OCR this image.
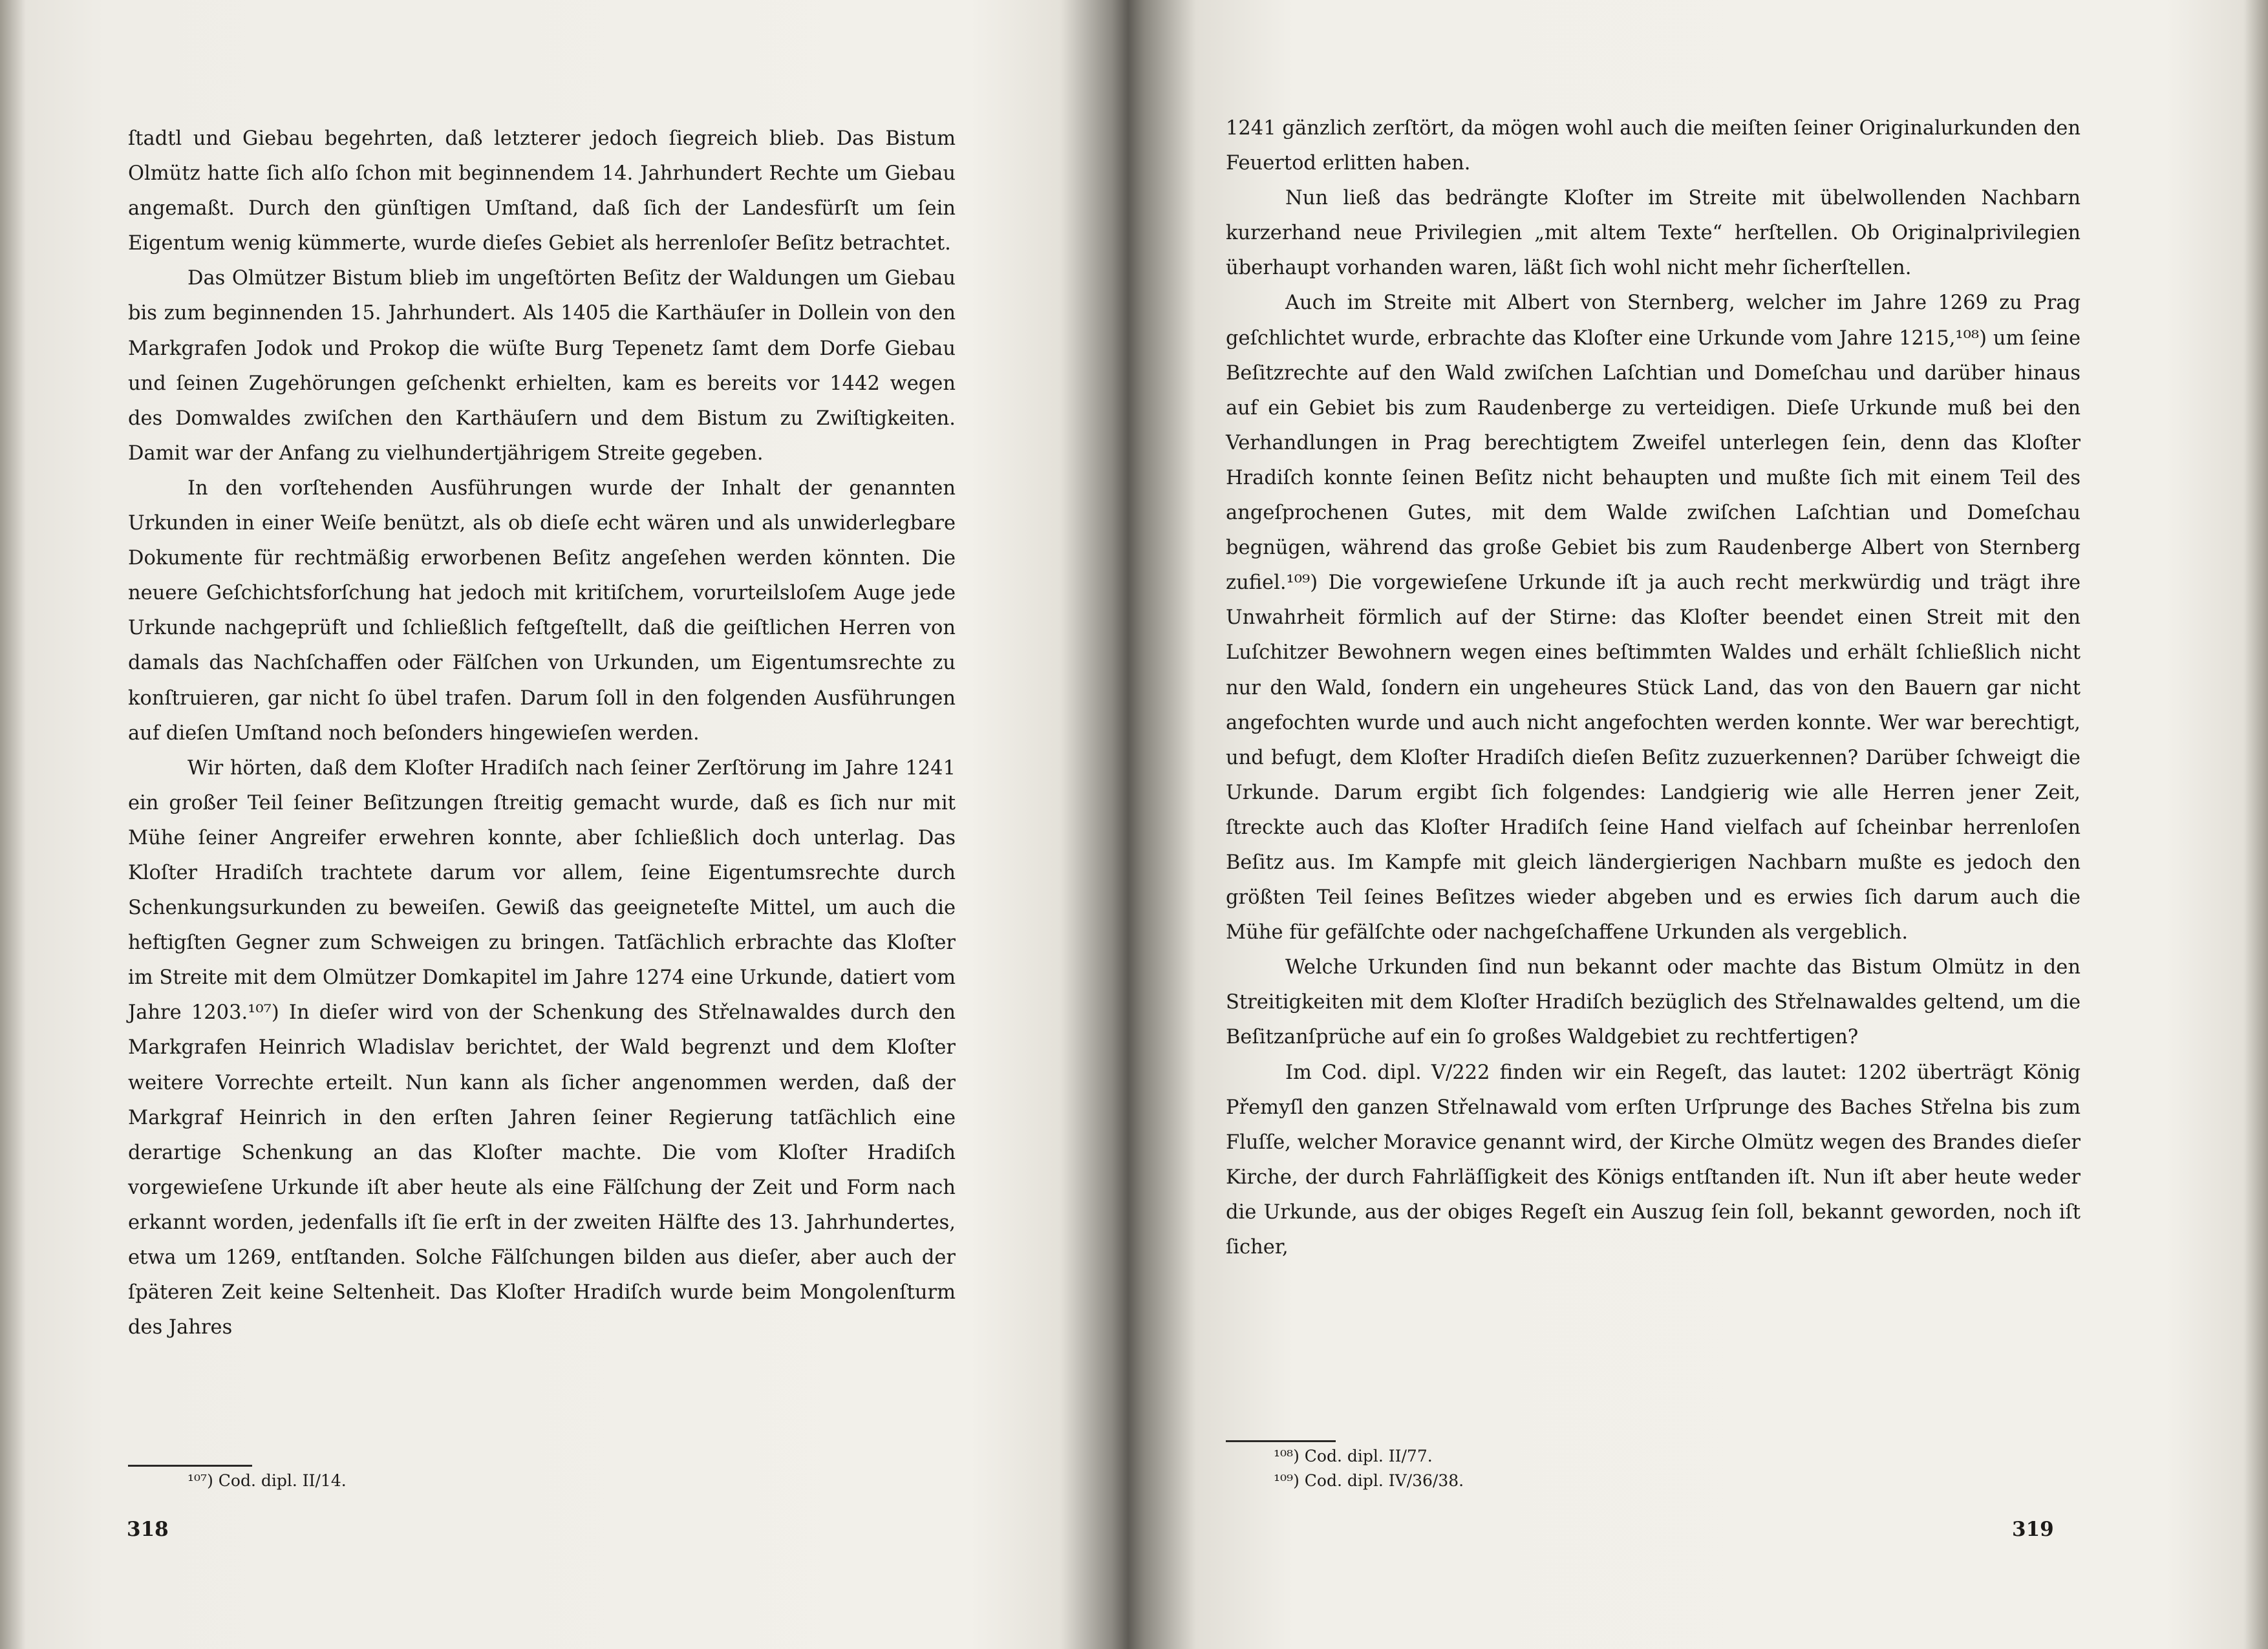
ſtadtl und Giebau begehrten, daß letzterer jedoch ſiegreich blieb. Das Bistum Olmütz hatte ſich alſo ſchon mit beginnendem 14. Jahrhundert Rechte um Giebau angemaßt. Durch den günſtigen Umſtand, daß ſich der Landesfürſt um ſein Eigentum wenig kümmerte, wurde dieſes Gebiet als herrenloſer Beſitz betrachtet.

Das Olmützer Bistum blieb im ungeſtörten Beſitz der Waldungen um Giebau bis zum beginnenden 15. Jahrhundert. Als 1405 die Karthäuſer in Dollein von den Markgrafen Jodok und Prokop die wüſte Burg Tepenetz ſamt dem Dorfe Giebau und ſeinen Zugehörungen geſchenkt erhielten, kam es bereits vor 1442 wegen des Domwaldes zwiſchen den Karthäuſern und dem Bistum zu Zwiſtigkeiten. Damit war der Anfang zu vielhundertjährigem Streite gegeben.

In den vorſtehenden Ausführungen wurde der Inhalt der genannten Urkunden in einer Weiſe benützt, als ob dieſe echt wären und als unwiderlegbare Dokumente für rechtmäßig erworbenen Beſitz angeſehen werden könnten. Die neuere Geſchichtsforſchung hat jedoch mit kritiſchem, vorurteilsloſem Auge jede Urkunde nachgeprüft und ſchließlich feſtgeſtellt, daß die geiſtlichen Herren von damals das Nachſchaffen oder Fälſchen von Urkunden, um Eigentumsrechte zu konſtruieren, gar nicht ſo übel trafen. Darum ſoll in den folgenden Ausführungen auf dieſen Umſtand noch beſonders hingewieſen werden.

Wir hörten, daß dem Kloſter Hradiſch nach ſeiner Zerſtörung im Jahre 1241 ein großer Teil ſeiner Beſitzungen ſtreitig gemacht wurde, daß es ſich nur mit Mühe ſeiner Angreifer erwehren konnte, aber ſchließlich doch unterlag. Das Kloſter Hradiſch trachtete darum vor allem, ſeine Eigentumsrechte durch Schenkungsurkunden zu beweiſen. Gewiß das geeigneteſte Mittel, um auch die heftigſten Gegner zum Schweigen zu bringen. Tatſächlich erbrachte das Kloſter im Streite mit dem Olmützer Domkapitel im Jahre 1274 eine Urkunde, datiert vom Jahre 1203.¹⁰⁷) In dieſer wird von der Schenkung des Střelnawaldes durch den Markgrafen Heinrich Wladislav berichtet, der Wald begrenzt und dem Kloſter weitere Vorrechte erteilt. Nun kann als ſicher angenommen werden, daß der Markgraf Heinrich in den erſten Jahren ſeiner Regierung tatſächlich eine derartige Schenkung an das Kloſter machte. Die vom Kloſter Hradiſch vorgewieſene Urkunde iſt aber heute als eine Fälſchung der Zeit und Form nach erkannt worden, jedenfalls iſt ſie erſt in der zweiten Hälfte des 13. Jahrhundertes, etwa um 1269, entſtanden. Solche Fälſchungen bilden aus dieſer, aber auch der ſpäteren Zeit keine Seltenheit. Das Kloſter Hradiſch wurde beim Mongolenſturm des Jahres

¹⁰⁷) Cod. dipl. II/14.
318

1241 gänzlich zerſtört, da mögen wohl auch die meiſten ſeiner Originalurkunden den Feuertod erlitten haben.

Nun ließ das bedrängte Kloſter im Streite mit übelwollenden Nachbarn kurzerhand neue Privilegien „mit altem Texte“ herſtellen. Ob Originalprivilegien überhaupt vorhanden waren, läßt ſich wohl nicht mehr ſicherſtellen.

Auch im Streite mit Albert von Sternberg, welcher im Jahre 1269 zu Prag geſchlichtet wurde, erbrachte das Kloſter eine Urkunde vom Jahre 1215,¹⁰⁸) um ſeine Beſitzrechte auf den Wald zwiſchen Laſchtian und Domeſchau und darüber hinaus auf ein Gebiet bis zum Raudenberge zu verteidigen. Dieſe Urkunde muß bei den Verhandlungen in Prag berechtigtem Zweifel unterlegen ſein, denn das Kloſter Hradiſch konnte ſeinen Beſitz nicht behaupten und mußte ſich mit einem Teil des angeſprochenen Gutes, mit dem Walde zwiſchen Laſchtian und Domeſchau begnügen, während das große Gebiet bis zum Raudenberge Albert von Sternberg zufiel.¹⁰⁹) Die vorgewieſene Urkunde iſt ja auch recht merkwürdig und trägt ihre Unwahrheit förmlich auf der Stirne: das Kloſter beendet einen Streit mit den Luſchitzer Bewohnern wegen eines beſtimmten Waldes und erhält ſchließlich nicht nur den Wald, ſondern ein ungeheures Stück Land, das von den Bauern gar nicht angefochten wurde und auch nicht angefochten werden konnte. Wer war berechtigt, und befugt, dem Kloſter Hradiſch dieſen Beſitz zuzuerkennen? Darüber ſchweigt die Urkunde. Darum ergibt ſich folgendes: Landgierig wie alle Herren jener Zeit, ſtreckte auch das Kloſter Hradiſch ſeine Hand vielfach auf ſcheinbar herrenloſen Beſitz aus. Im Kampfe mit gleich ländergierigen Nachbarn mußte es jedoch den größten Teil ſeines Beſitzes wieder abgeben und es erwies ſich darum auch die Mühe für gefälſchte oder nachgeſchaffene Urkunden als vergeblich.

Welche Urkunden ſind nun bekannt oder machte das Bistum Olmütz in den Streitigkeiten mit dem Kloſter Hradiſch bezüglich des Střelnawaldes geltend, um die Beſitzanſprüche auf ein ſo großes Waldgebiet zu rechtfertigen?

Im Cod. dipl. V/222 finden wir ein Regeſt, das lautet: 1202 überträgt König Přemyſl den ganzen Střelnawald vom erſten Urſprunge des Baches Střelna bis zum Fluſſe, welcher Moravice genannt wird, der Kirche Olmütz wegen des Brandes dieſer Kirche, der durch Fahrläſſigkeit des Königs entſtanden iſt. Nun iſt aber heute weder die Urkunde, aus der obiges Regeſt ein Auszug ſein ſoll, bekannt geworden, noch iſt ſicher,

¹⁰⁸) Cod. dipl. II/77.
¹⁰⁹) Cod. dipl. IV/36/38.
319
